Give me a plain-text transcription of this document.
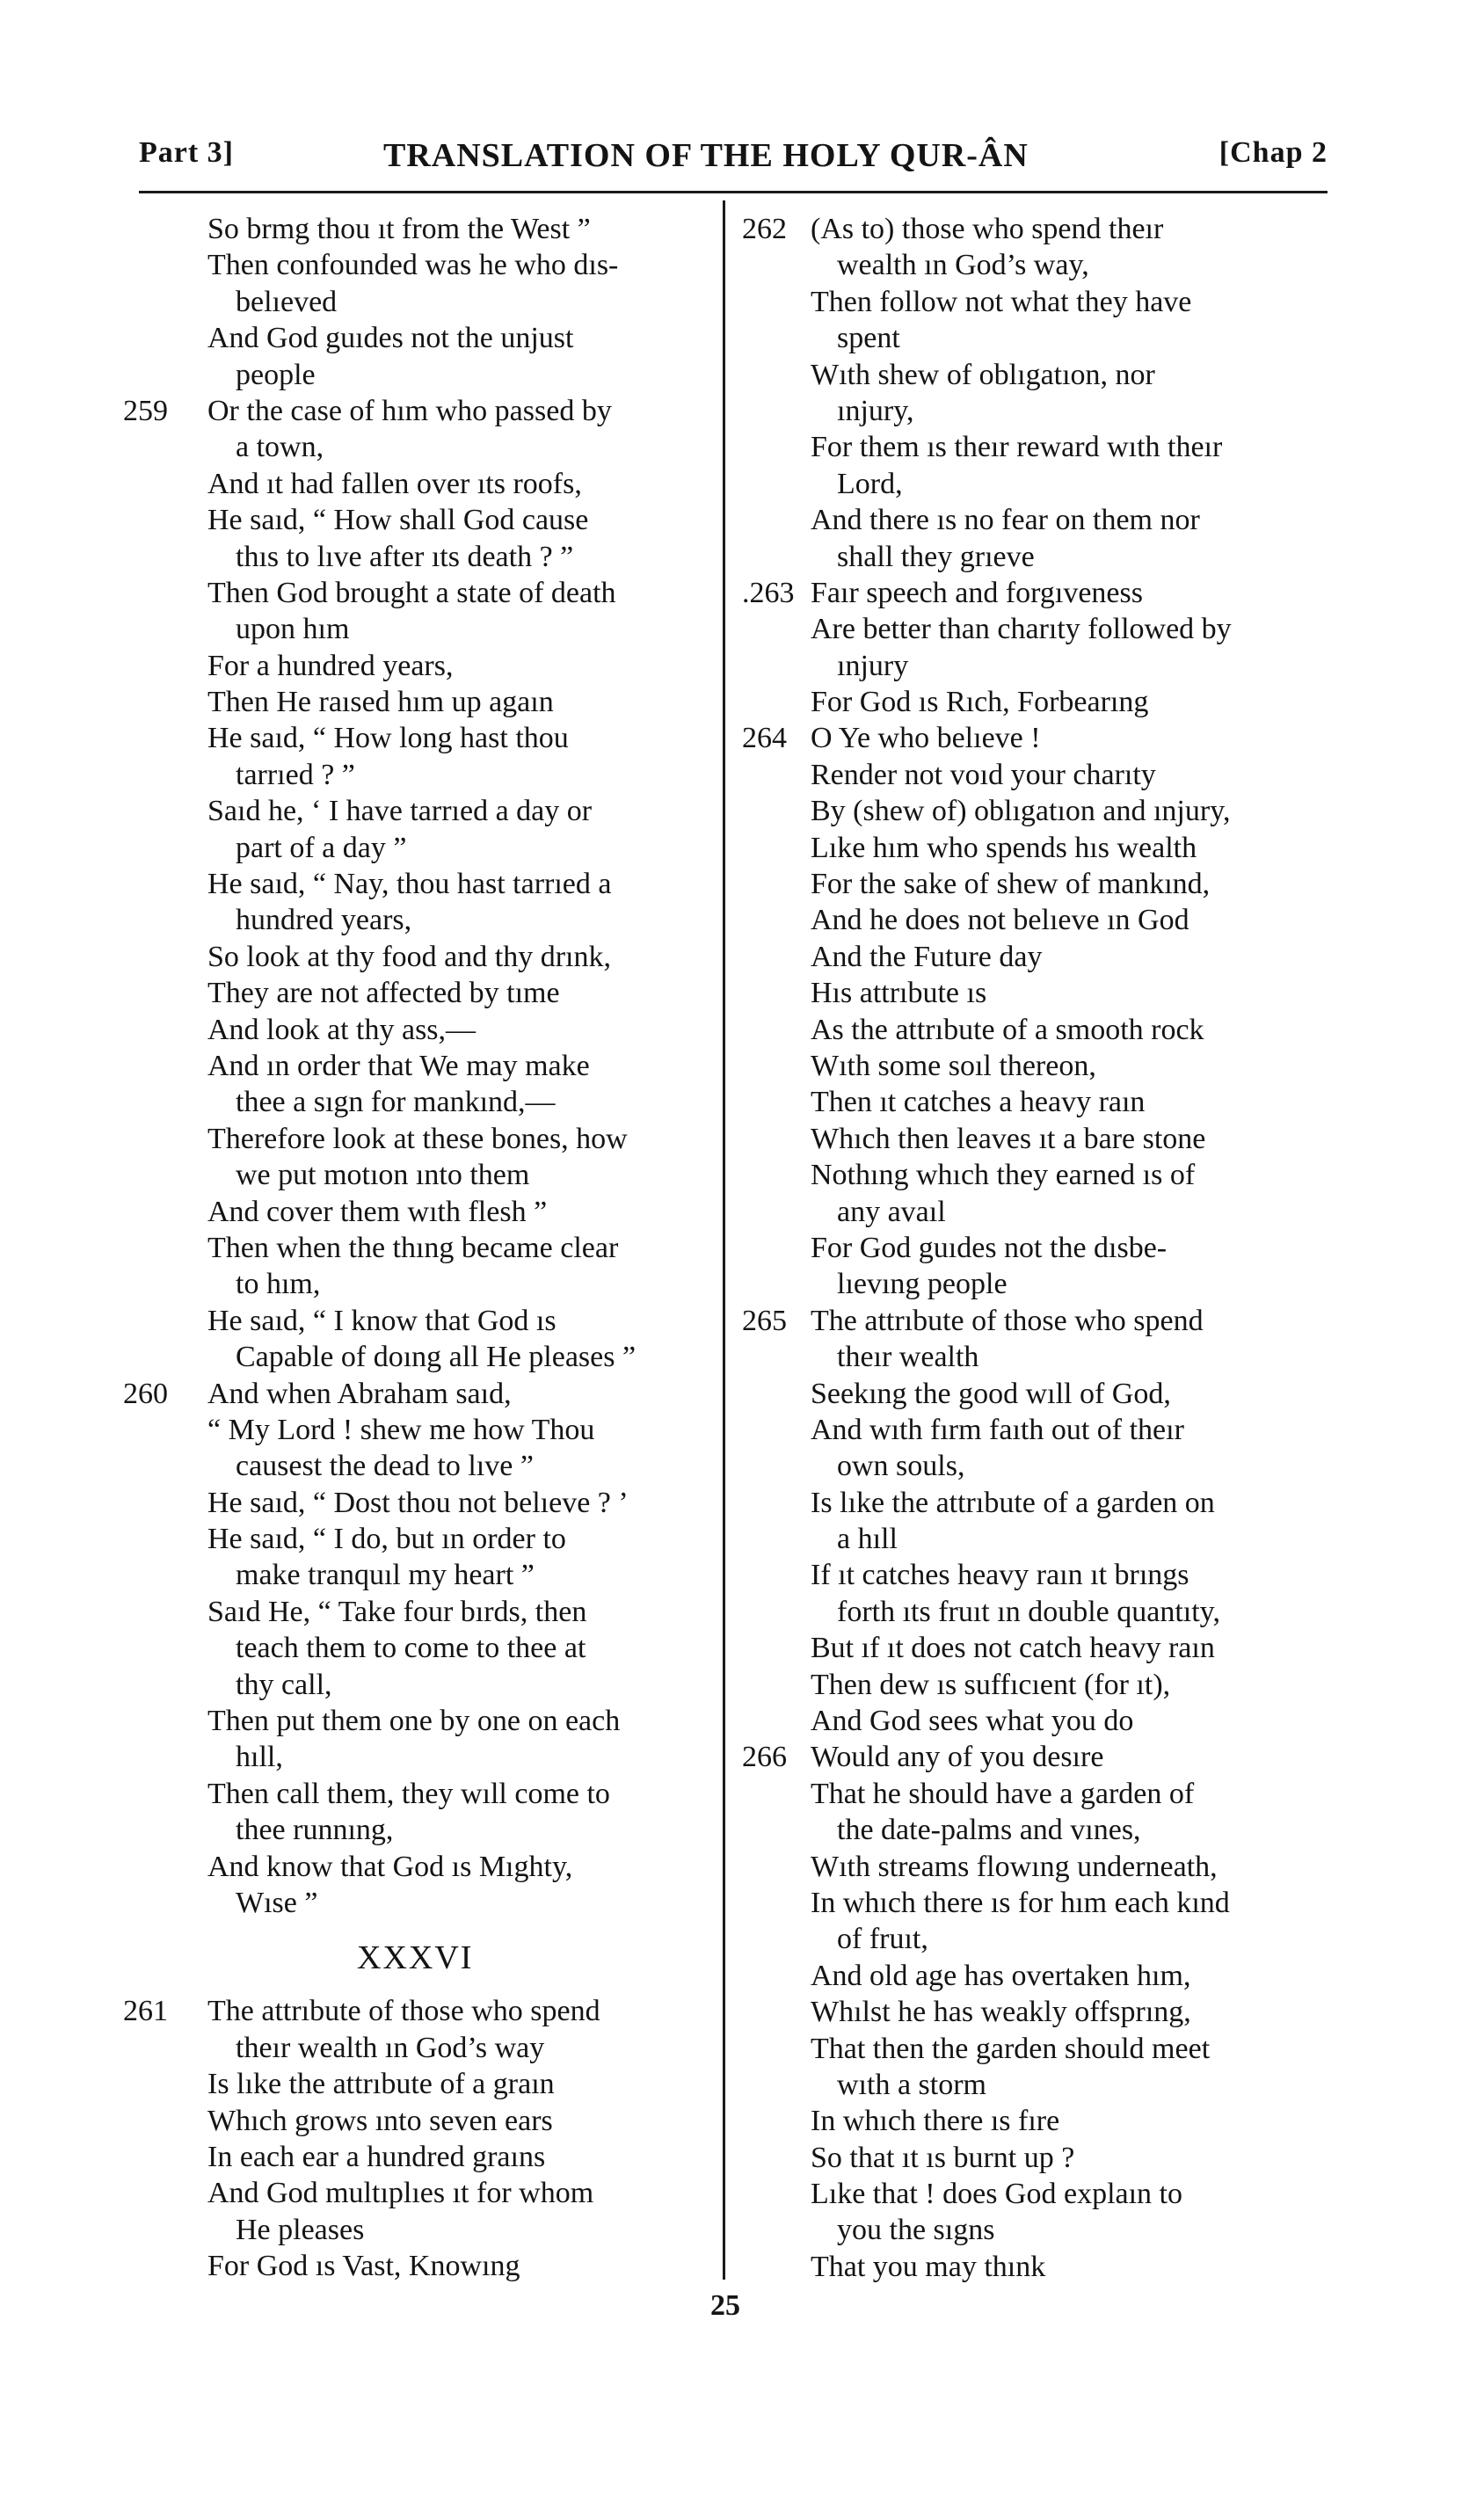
Part 3]	TRANSLATION OF THE HOLY QUR-ÂN	[Chap 2
So brmg thou ıt from the West ”
Then confounded was he who dıs-
belıeved
And God guıdes not the unjust
people
259 Or the case of hım who passed by
a town,
And ıt had fallen over ıts roofs,
He saıd, “ How shall God cause
thıs to lıve after ıts death ? ”
Then God brought a state of death
upon hım
For a hundred years,
Then He raısed hım up agaın
He saıd, “ How long hast thou
tarrıed ? ”
Saıd he, ‘ I have tarrıed a day or
part of a day ”
He saıd, “ Nay, thou hast tarrıed a
hundred years,
So look at thy food and thy drınk,
They are not affected by tıme
And look at thy ass,—
And ın order that We may make
thee a sıgn for mankınd,—
Therefore look at these bones, how
we put motıon ınto them
And cover them wıth flesh ”
Then when the thıng became clear
to hım,
He saıd, “ I know that God ıs
Capable of doıng all He pleases ”
260 And when Abraham saıd,
“ My Lord ! shew me how Thou
causest the dead to lıve ”
He saıd, “ Dost thou not belıeve ? ’
He saıd, “ I do, but ın order to
make tranquıl my heart ”
Saıd He, “ Take four bırds, then
teach them to come to thee at
thy call,
Then put them one by one on each
hıll,
Then call them, they wıll come to
thee runnıng,
And know that God ıs Mıghty,
Wıse ”
XXXVI
261 The attrıbute of those who spend
theır wealth ın God’s way
Is lıke the attrıbute of a graın
Whıch grows ınto seven ears
In each ear a hundred graıns
And God multıplıes ıt for whom
He pleases
For God ıs Vast, Knowıng
262 (As to) those who spend theır
wealth ın God’s way,
Then follow not what they have
spent
Wıth shew of oblıgatıon, nor
ınjury,
For them ıs theır reward wıth theır
Lord,
And there ıs no fear on them nor
shall they grıeve
.263 Faır speech and forgıveness
Are better than charıty followed by
ınjury
For God ıs Rıch, Forbearıng
264 O Ye who belıeve !
Render not voıd your charıty
By (shew of) oblıgatıon and ınjury,
Lıke hım who spends hıs wealth
For the sake of shew of mankınd,
And he does not belıeve ın God
And the Future day
Hıs attrıbute ıs
As the attrıbute of a smooth rock
Wıth some soıl thereon,
Then ıt catches a heavy raın
Whıch then leaves ıt a bare stone
Nothıng whıch they earned ıs of
any avaıl
For God guıdes not the dısbe-
lıevıng people
265 The attrıbute of those who spend
theır wealth
Seekıng the good wıll of God,
And wıth fırm faıth out of theır
own souls,
Is lıke the attrıbute of a garden on
a hıll
If ıt catches heavy raın ıt brıngs
forth ıts fruıt ın double quantıty,
But ıf ıt does not catch heavy raın
Then dew ıs suffıcıent (for ıt),
And God sees what you do
266 Would any of you desıre
That he should have a garden of
the date-palms and vınes,
Wıth streams flowıng underneath,
In whıch there ıs for hım each kınd
of fruıt,
And old age has overtaken hım,
Whılst he has weakly offsprıng,
That then the garden should meet
wıth a storm
In whıch there ıs fıre
So that ıt ıs burnt up ?
Lıke that ! does God explaın to
you the sıgns
That you may thınk
25
